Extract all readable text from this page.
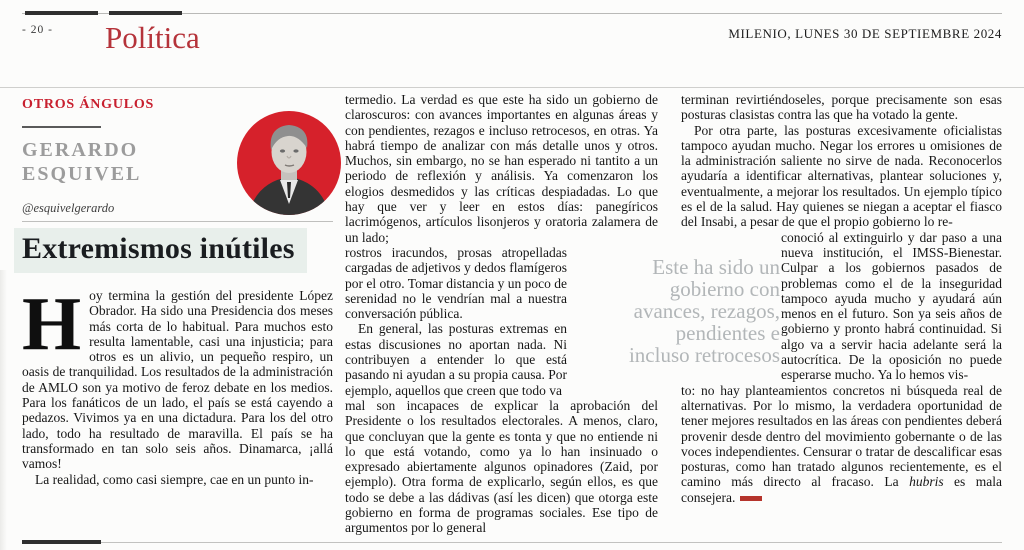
- 20 - Política	MILENIO, LUNES 30 DE SEPTIEMBRE 2024
OTROS ÁNGULOS
GERARDO ESQUIVEL
@esquivelgerardo
Extremismos inútiles

Hoy termina la gestión del presidente López Obrador. Ha sido una Presidencia dos meses más corta de lo habitual. Para muchos esto resulta lamentable, casi una injusticia; para otros es un alivio, un pequeño respiro, un oasis de tranquilidad. Los resultados de la administración de AMLO son ya motivo de feroz debate en los medios. Para los fanáticos de un lado, el país se está cayendo a pedazos. Vivimos ya en una dictadura. Para los del otro lado, todo ha resultado de maravilla. El país se ha transformado en tan solo seis años. Dinamarca, ¡allá vamos!

La realidad, como casi siempre, cae en un punto in-

termedio. La verdad es que este ha sido un gobierno de claroscuros: con avances importantes en algunas áreas y con pendientes, rezagos e incluso retrocesos, en otras. Ya habrá tiempo de analizar con más detalle unos y otros. Muchos, sin embargo, no se han esperado ni tantito a un periodo de reflexión y análisis. Ya comenzaron los elogios desmedidos y las críticas despiadadas. Lo que hay que ver y leer en estos días: panegíricos lacrimógenos, artículos lisonjeros y oratoria zalamera de un lado;

rostros iracundos, prosas atropelladas cargadas de adjetivos y dedos flamígeros por el otro. Tomar distancia y un poco de serenidad no le vendrían mal a nuestra conversación pública.

En general, las posturas extremas en estas discusiones no aportan nada. Ni contribuyen a entender lo que está pasando ni ayudan a su propia causa. Por ejemplo, aquellos que creen que todo va

mal son incapaces de explicar la aprobación del Presidente o los resultados electorales. A menos, claro, que concluyan que la gente es tonta y que no entiende ni lo que está votando, como ya lo han insinuado o expresado abiertamente algunos opinadores (Zaid, por ejemplo). Otra forma de explicarlo, según ellos, es que todo se debe a las dádivas (así les dicen) que otorga este gobierno en forma de programas sociales. Ese tipo de argumentos por lo general

terminan revirtiéndoseles, porque precisamente son esas posturas clasistas contra las que ha votado la gente.

Por otra parte, las posturas excesivamente oficialistas tampoco ayudan mucho. Negar los errores u omisiones de la administración saliente no sirve de nada. Reconocerlos ayudaría a identificar alternativas, plantear soluciones y, eventualmente, a mejorar los resultados. Un ejemplo típico es el de la salud. Hay quienes se niegan a aceptar el fiasco del Insabi, a pesar de que el propio gobierno lo re-

conoció al extinguirlo y dar paso a una nueva institución, el IMSS-Bienestar. Culpar a los gobiernos pasados de problemas como el de la inseguridad tampoco ayuda mucho y ayudará aún menos en el futuro. Son ya seis años de gobierno y pronto habrá continuidad. Si algo va a servir hacia adelante será la autocrítica. De la oposición no puede esperarse mucho. Ya lo hemos vis-

to: no hay planteamientos concretos ni búsqueda real de alternativas. Por lo mismo, la verdadera oportunidad de tener mejores resultados en las áreas con pendientes deberá provenir desde dentro del movimiento gobernante o de las voces independientes. Censurar o tratar de descalificar esas posturas, como han tratado algunos recientemente, es el camino más directo al fracaso. La hubris es mala consejera.

Este ha sido un
gobierno con
avances, rezagos,
pendientes e
incluso retrocesos
